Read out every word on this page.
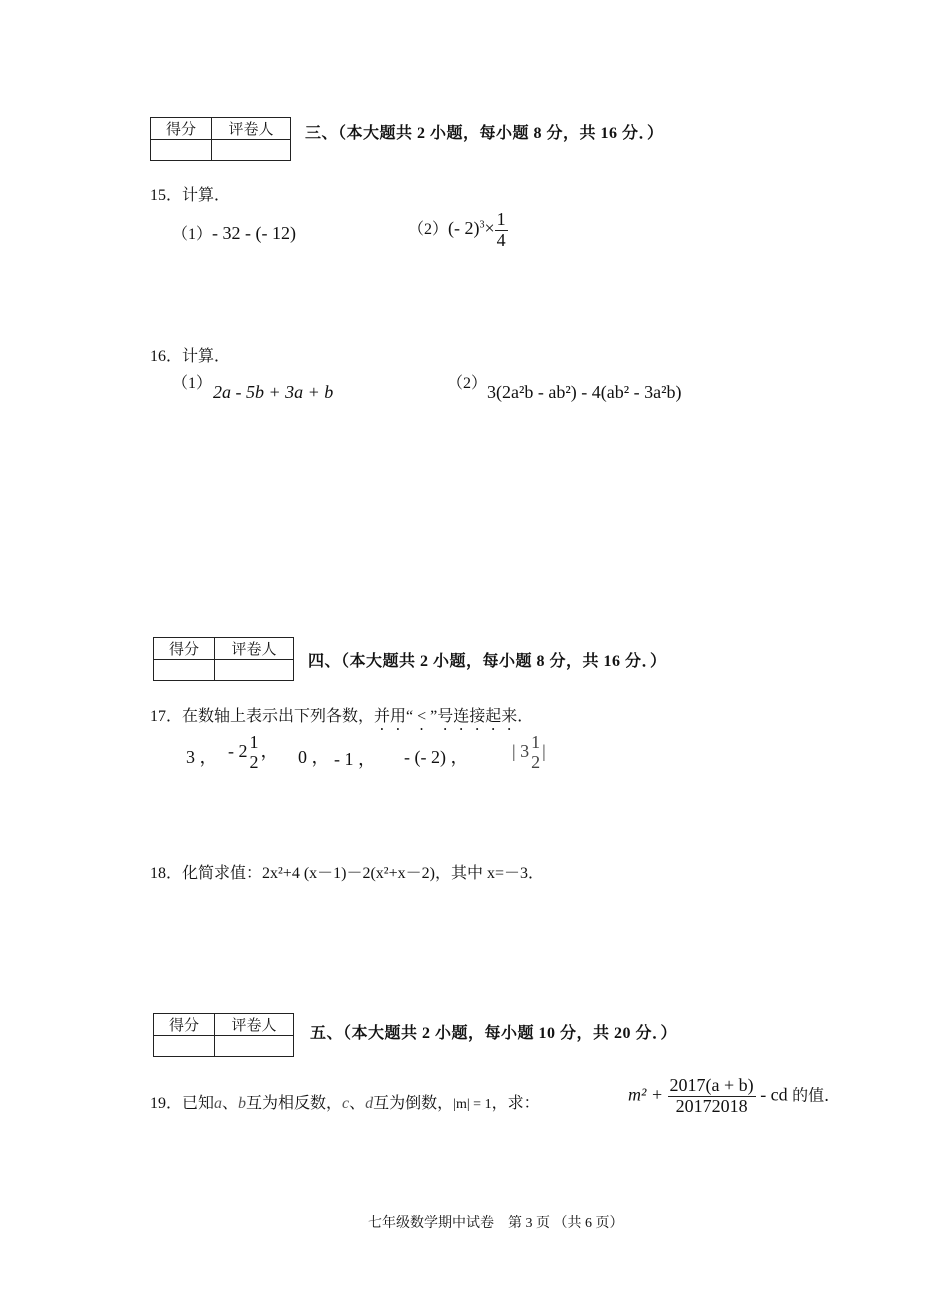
得分	评卷人
	三、（本大题共 2 小题，每小题 8 分，共 16 分．）
15．计算．
（1）- 32 - (- 12)	（2）(- $2)^3\times \frac{1}{4}$
16．计算．
（1） 2a - 5b + 3a + b	（2） 3(2a²b - ab²) - 4(ab² - 3a²b)
得分	评卷人

四、（本大题共 2 小题，每小题 8 分，共 16 分．）
17．在数轴上表示出下列各数，并用“ < ”号连接起来．
3 ， - 2 1
2
， 0 ， - 1 ， - (- 2) ， | 3 1
2
|
18．化简求值：2x²+4 (x－1)－2(x²+x－2)，其中 x=－3．
得分	评卷人
	五、（本大题共 2 小题，每小题 10 分，共 20 分．）
19．已知a、b互为相反数，c、d互为倒数，|m| = 1，求：	$m^2 + \frac{2017(a + b)}{20172018}$ - cd 的值．
七年级数学期中试卷　第 3 页 （共 6 页）
